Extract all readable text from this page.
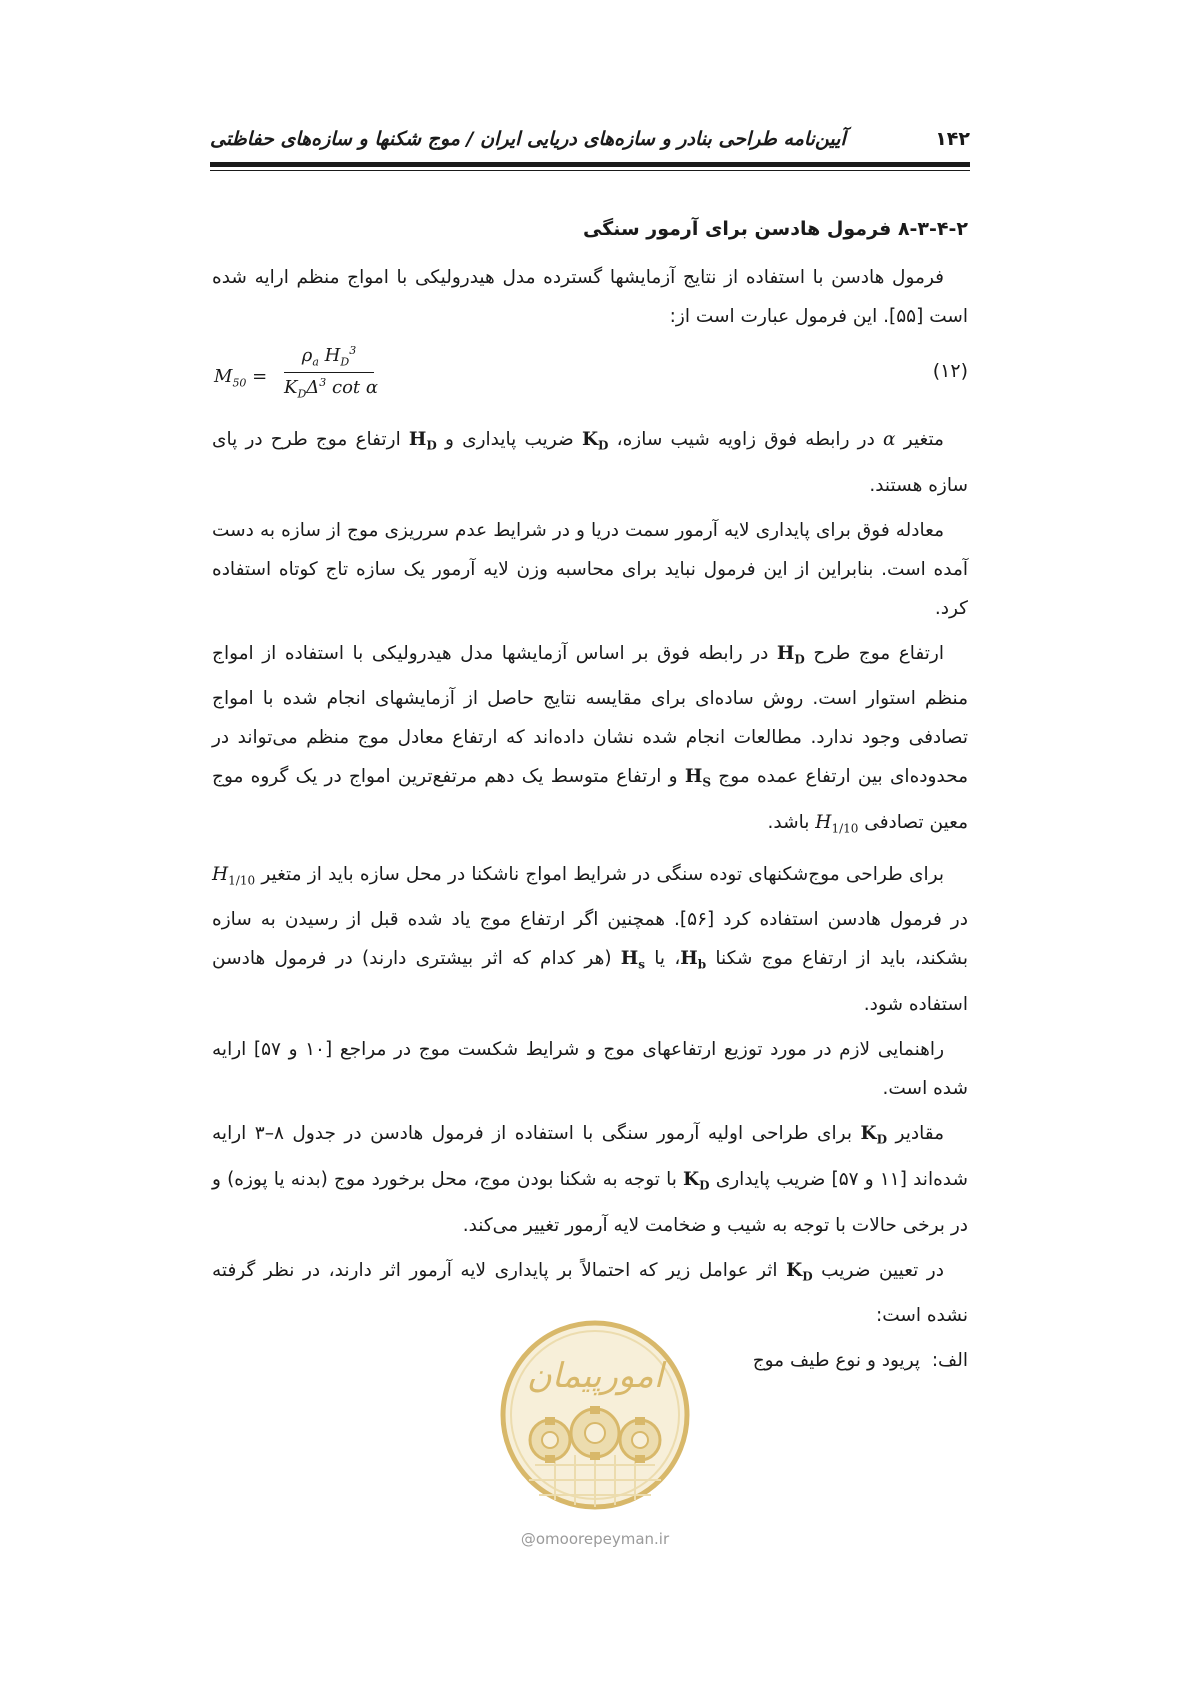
۱۴۲
آیین‌نامه طراحی بنادر و سازه‌های دریایی ایران / موج شکنها و سازه‌های حفاظتی
۸-۳-۴-۲ فرمول هادسن برای آرمور سنگی

فرمول هادسن با استفاده از نتایج آزمایشها گسترده مدل هیدرولیکی با امواج منظم ارایه شده است [۵۵]. این فرمول عبارت است از:

$M_{50}$ =
$\rho_a$ $H_D^3$
$K_D\Delta^3$ cot α
(۱۲)

متغیر α در رابطه فوق زاویه شیب سازه، $K_D$ ضریب پایداری و $H_D$ ارتفاع موج طرح در پای سازه هستند.

معادله فوق برای پایداری لایه آرمور سمت دریا و در شرایط عدم سرریزی موج از سازه به دست آمده است. بنابراین از این فرمول نباید برای محاسبه وزن لایه آرمور یک سازه تاج کوتاه استفاده کرد.

ارتفاع موج طرح $H_D$ در رابطه فوق بر اساس آزمایشها مدل هیدرولیکی با استفاده از امواج منظم استوار است. روش ساده‌ای برای مقایسه نتایج حاصل از آزمایشهای انجام شده با امواج تصادفی وجود ندارد. مطالعات انجام شده نشان داده‌اند که ارتفاع معادل موج منظم می‌تواند در محدوده‌ای بین ارتفاع عمده موج $H_S$ و ارتفاع متوسط یک دهم مرتفع‌ترین امواج در یک گروه موج معین تصادفی $H_{1/10}$ باشد.

برای طراحی موج‌شکنهای توده سنگی در شرایط امواج ناشکنا در محل سازه باید از متغیر $H_{1/10}$ در فرمول هادسن استفاده کرد [۵۶]. همچنین اگر ارتفاع موج یاد شده قبل از رسیدن به سازه بشکند، باید از ارتفاع موج شکنا $H_b،$ یا $H_s$ (هر کدام که اثر بیشتری دارند) در فرمول هادسن استفاده شود.

راهنمایی لازم در مورد توزیع ارتفاعهای موج و شرایط شکست موج در مراجع [۱۰ و ۵۷] ارایه شده است.

مقادیر $K_D$ برای طراحی اولیه آرمور سنگی با استفاده از فرمول هادسن در جدول ۸–۳ ارایه شده‌اند [۱۱ و ۵۷] ضریب پایداری $K_D$ با توجه به شکنا بودن موج، محل برخورد موج (بدنه یا پوزه) و در برخی حالات با توجه به شیب و ضخامت لایه آرمور تغییر می‌کند.

در تعیین ضریب $K_D$ اثر عوامل زیر که احتمالاً بر پایداری لایه آرمور اثر دارند، در نظر گرفته نشده است:

الف:  پریود و نوع طیف موج
امورپیمان
@omoorepeyman.ir
